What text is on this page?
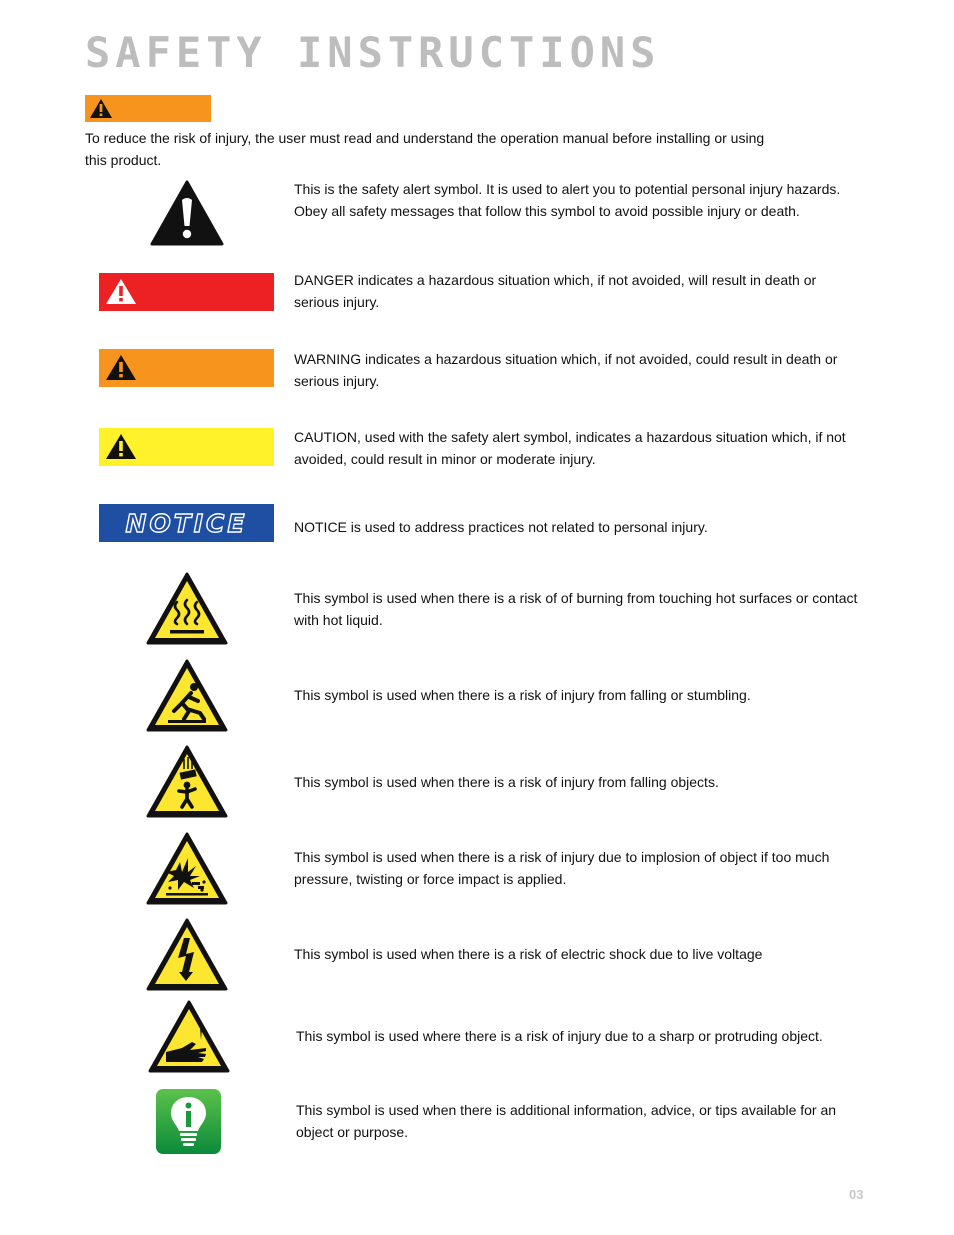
SAFETY INSTRUCTIONS

To reduce the risk of injury, the user must read and understand the operation manual before installing or using this product.

This is the safety alert symbol. It is used to alert you to potential personal injury hazards. Obey all safety messages that follow this symbol to avoid possible injury or death.

DANGER indicates a hazardous situation which, if not avoided, will result in death or serious injury.

WARNING indicates a hazardous situation which, if not avoided, could result in death or serious injury.

CAUTION, used with the safety alert symbol, indicates a hazardous situation which, if not avoided, could result in minor or moderate injury.

NOTICE	NOTICE is used to address practices not related to personal injury.

This symbol is used when there is a risk of of burning from touching hot surfaces or contact with hot liquid.

This symbol is used when there is a risk of injury from falling or stumbling.

This symbol is used when there is a risk of injury from falling objects.

This symbol is used when there is a risk of injury due to implosion of object if too much pressure, twisting or force impact is applied.

This symbol is used when there is a risk of electric shock due to live voltage

This symbol is used where there is a risk of injury due to a sharp or protruding object.

This symbol is used when there is additional information, advice, or tips available for an object or purpose.

03
